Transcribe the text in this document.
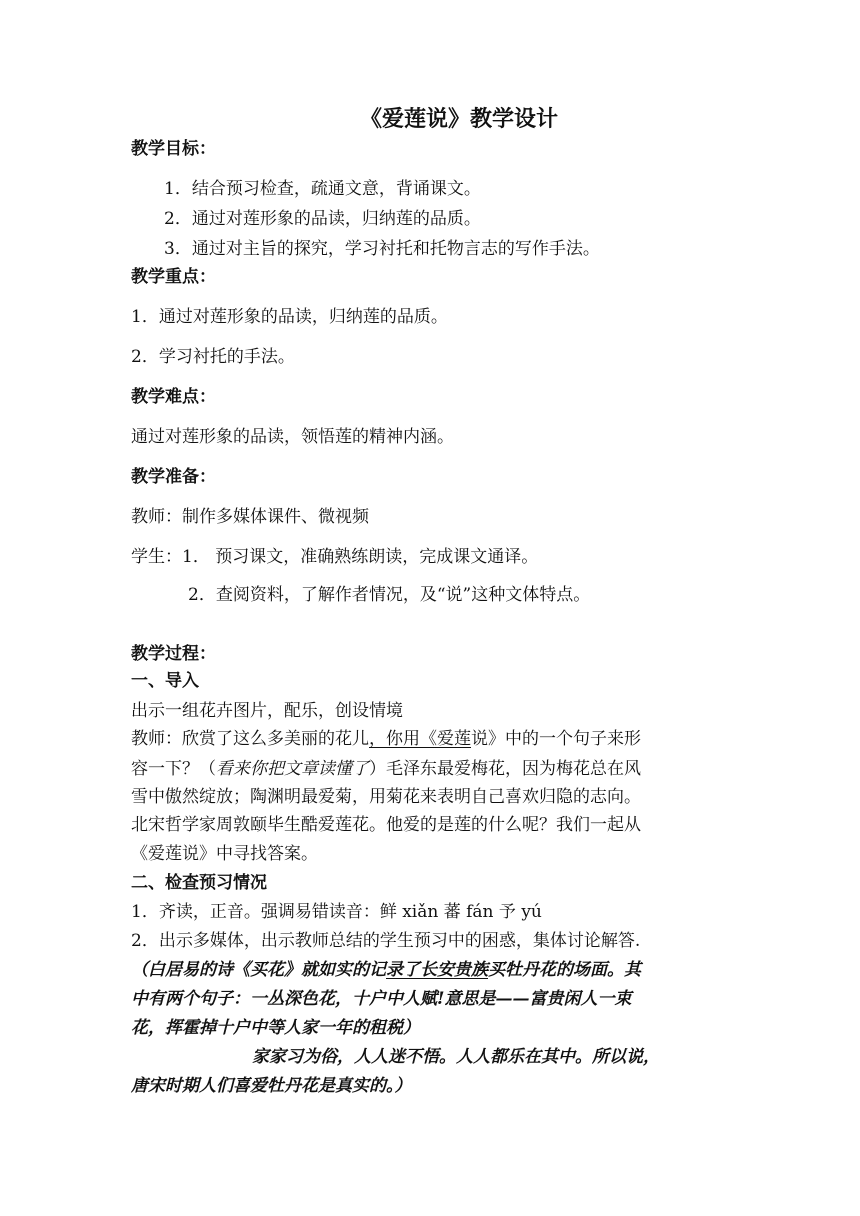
《爱莲说》教学设计
教学目标：
1．结合预习检查，疏通文意，背诵课文。
2．通过对莲形象的品读，归纳莲的品质。
3．通过对主旨的探究，学习衬托和托物言志的写作手法。
教学重点：
1．通过对莲形象的品读，归纳莲的品质。
2．学习衬托的手法。
教学难点：
通过对莲形象的品读，领悟莲的精神内涵。
教学准备：
教师：制作多媒体课件、微视频
学生：1． 预习课文，准确熟练朗读，完成课文通译。
2．查阅资料，了解作者情况，及“说”这种文体特点。
教学过程：
一、导入
出示一组花卉图片，配乐，创设情境
教师：欣赏了这么多美丽的花儿，你用《爱莲说》中的一个句子来形
容一下？（看来你把文章读懂了）毛泽东最爱梅花，因为梅花总在风
雪中傲然绽放；陶渊明最爱菊，用菊花来表明自己喜欢归隐的志向。
北宋哲学家周敦颐毕生酷爱莲花。他爱的是莲的什么呢？我们一起从
《爱莲说》中寻找答案。
二、检查预习情况
1．齐读，正音。强调易错读音：鲜 xiǎn 蕃 fán 予 yú
2．出示多媒体，出示教师总结的学生预习中的困惑，集体讨论解答.
（白居易的诗《买花》就如实的记录了长安贵族买牡丹花的场面。其
中有两个句子：一丛深色花，十户中人赋!意思是——富贵闲人一束
花，挥霍掉十户中等人家一年的租税）
家家习为俗，人人迷不悟。人人都乐在其中。所以说，
唐宋时期人们喜爱牡丹花是真实的。）
